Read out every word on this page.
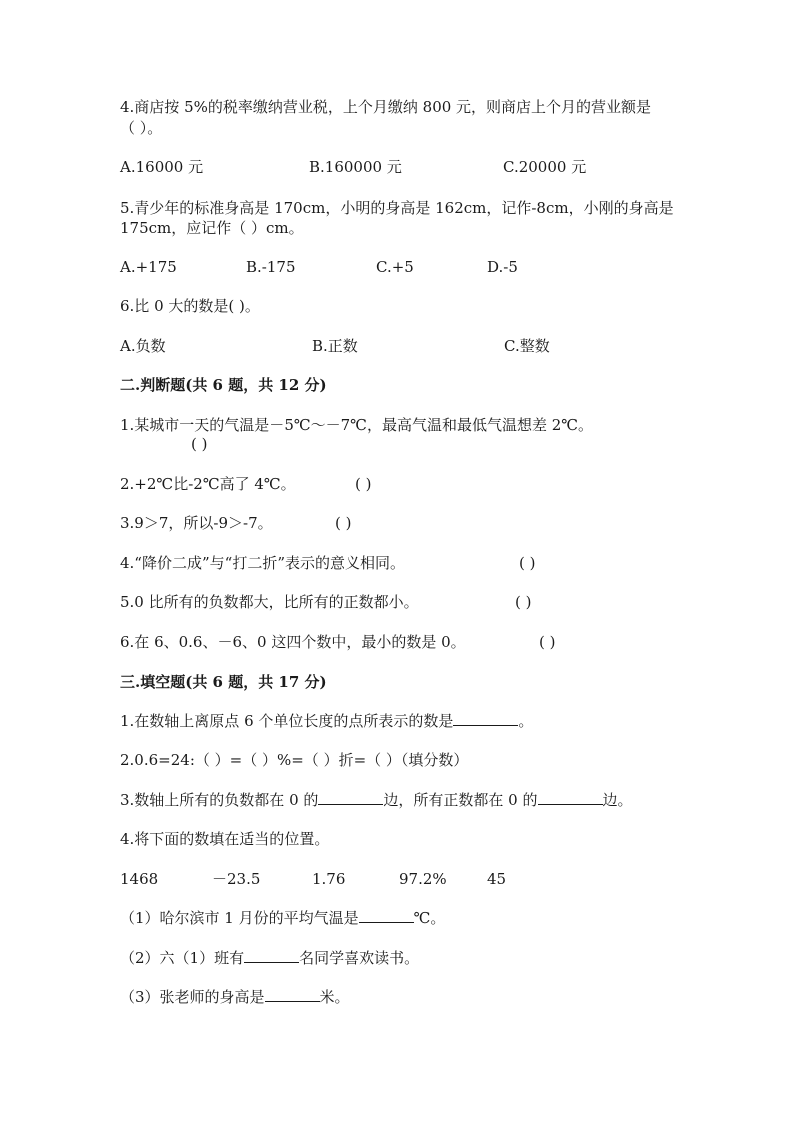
4.商店按 5%的税率缴纳营业税，上个月缴纳 800 元，则商店上个月的营业额是
（ ）。
A.16000 元	B.160000 元	C.20000 元
5.青少年的标准身高是 170cm，小明的身高是 162cm，记作-8cm，小刚的身高是
175cm，应记作（ ）cm。
A.+175	B.-175	C.+5	D.-5
6.比 0 大的数是( )。
A.负数	B.正数	C.整数
二.判断题(共 6 题，共 12 分)
1.某城市一天的气温是－5℃～－7℃，最高气温和最低气温想差 2℃。
( )
2.+2℃比-2℃高了 4℃。	( )
3.9＞7，所以-9＞-7。	( )
4.“降价二成”与“打二折”表示的意义相同。	( )
5.0 比所有的负数都大，比所有的正数都小。	( )
6.在 6、0.6、－6、0 这四个数中，最小的数是 0。	( )
三.填空题(共 6 题，共 17 分)
1.在数轴上离原点 6 个单位长度的点所表示的数是	。
2.0.6=24:（ ）=（ ）%=（ ）折=（ ）（填分数）
3.数轴上所有的负数都在 0 的	边，所有正数都在 0 的	边。
4.将下面的数填在适当的位置。
1468	－23.5	1.76	97.2%	45
（1）哈尔滨市 1 月份的平均气温是	℃。
（2）六（1）班有	名同学喜欢读书。
（3）张老师的身高是	米。
